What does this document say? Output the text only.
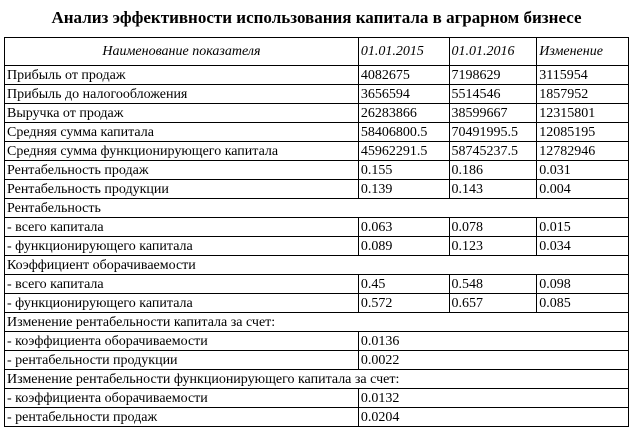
Анализ эффективности использования капитала в аграрном бизнесе
Наименование показателя	01.01.2015	01.01.2016	Изменение
Прибыль от продаж	4082675	7198629	3115954
Прибыль до налогообложения	3656594	5514546	1857952
Выручка от продаж	26283866	38599667	12315801
Средняя сумма капитала	58406800.5	70491995.5	12085195
Средняя сумма функционирующего капитала	45962291.5	58745237.5	12782946
Рентабельность продаж	0.155	0.186	0.031
Рентабельность продукции	0.139	0.143	0.004
Рентабельность			
- всего капитала	0.063	0.078	0.015
- функционирующего капитала	0.089	0.123	0.034
Коэффициент оборачиваемости			
- всего капитала	0.45	0.548	0.098
- функционирующего капитала	0.572	0.657	0.085
Изменение рентабельности капитала за счет:			
- коэффициента оборачиваемости	0.0136		
- рентабельности продукции	0.0022		
Изменение рентабельности функционирующего капитала за счет:			
- коэффициента оборачиваемости	0.0132		
- рентабельности продаж	0.0204		
